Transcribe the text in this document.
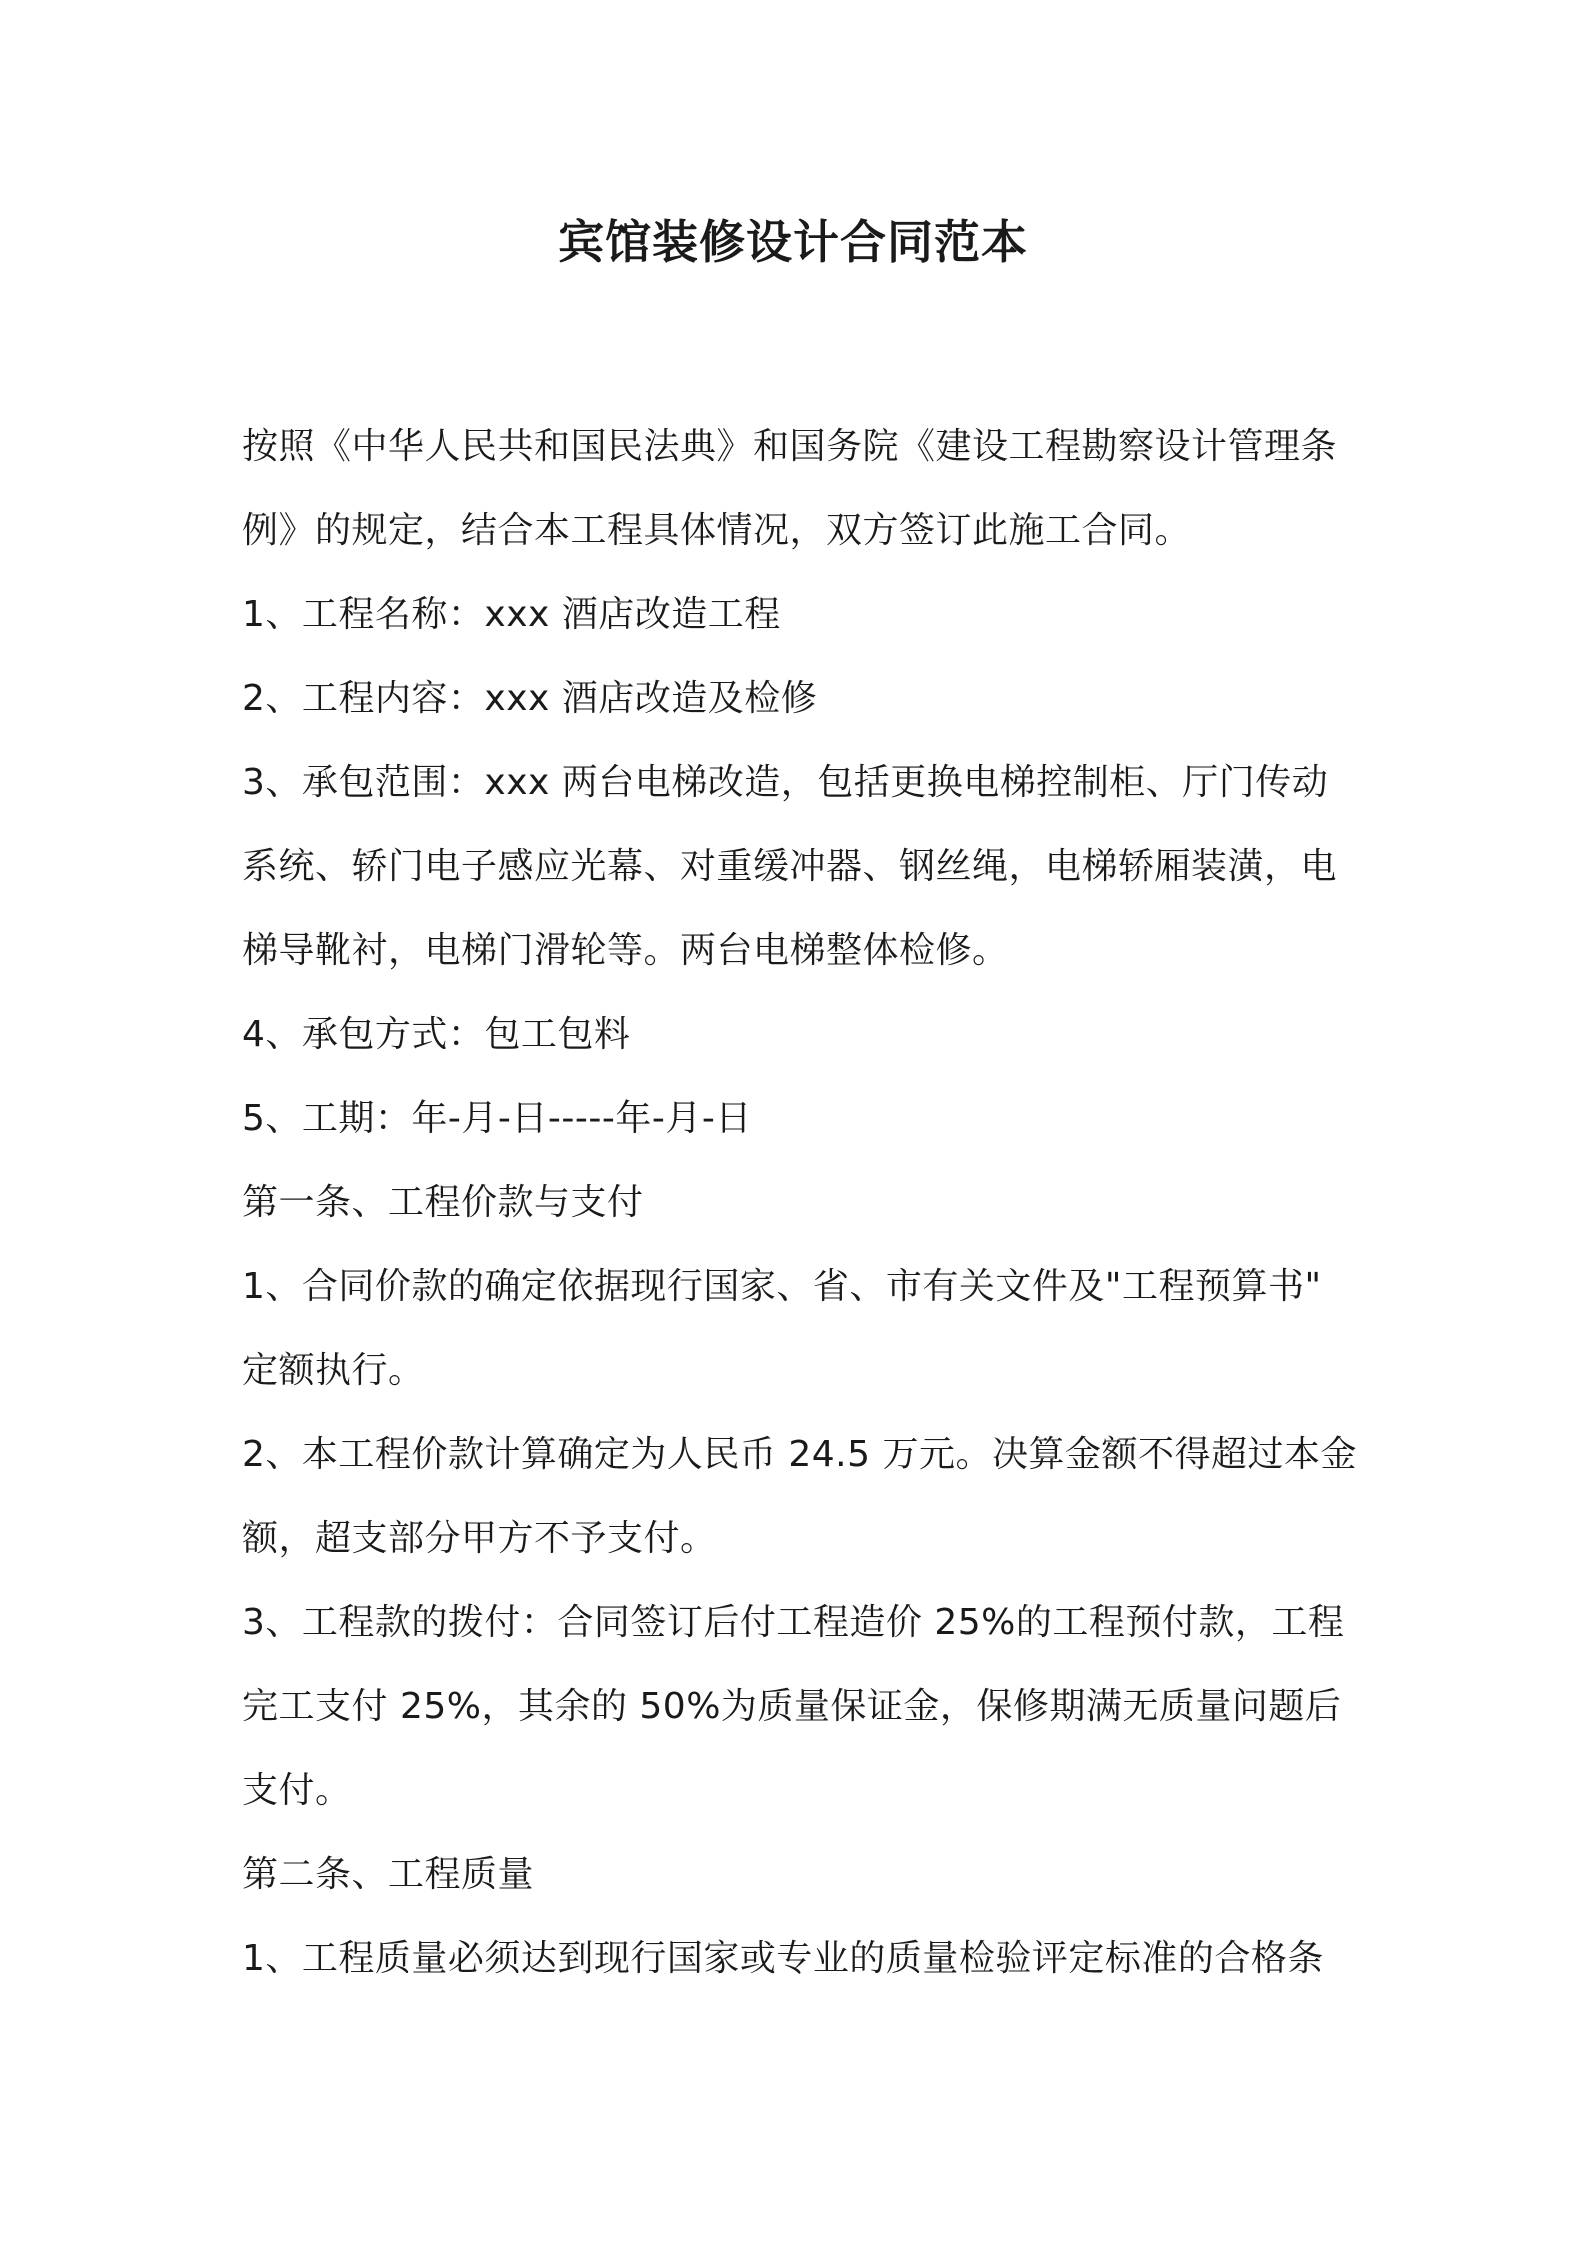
宾馆装修设计合同范本

按照《中华人民共和国民法典》和国务院《建设工程勘察设计管理条

例》的规定，结合本工程具体情况，双方签订此施工合同。

1、工程名称：xxx 酒店改造工程

2、工程内容：xxx 酒店改造及检修

3、承包范围：xxx 两台电梯改造，包括更换电梯控制柜、厅门传动

系统、轿门电子感应光幕、对重缓冲器、钢丝绳，电梯轿厢装潢，电

梯导靴衬，电梯门滑轮等。两台电梯整体检修。

4、承包方式：包工包料

5、工期：年-月-日-----年-月-日

第一条、工程价款与支付

1、合同价款的确定依据现行国家、省、市有关文件及"工程预算书"

定额执行。

2、本工程价款计算确定为人民币 24.5 万元。决算金额不得超过本金

额，超支部分甲方不予支付。

3、工程款的拨付：合同签订后付工程造价 25%的工程预付款，工程

完工支付 25%，其余的 50%为质量保证金，保修期满无质量问题后

支付。

第二条、工程质量

1、工程质量必须达到现行国家或专业的质量检验评定标准的合格条
